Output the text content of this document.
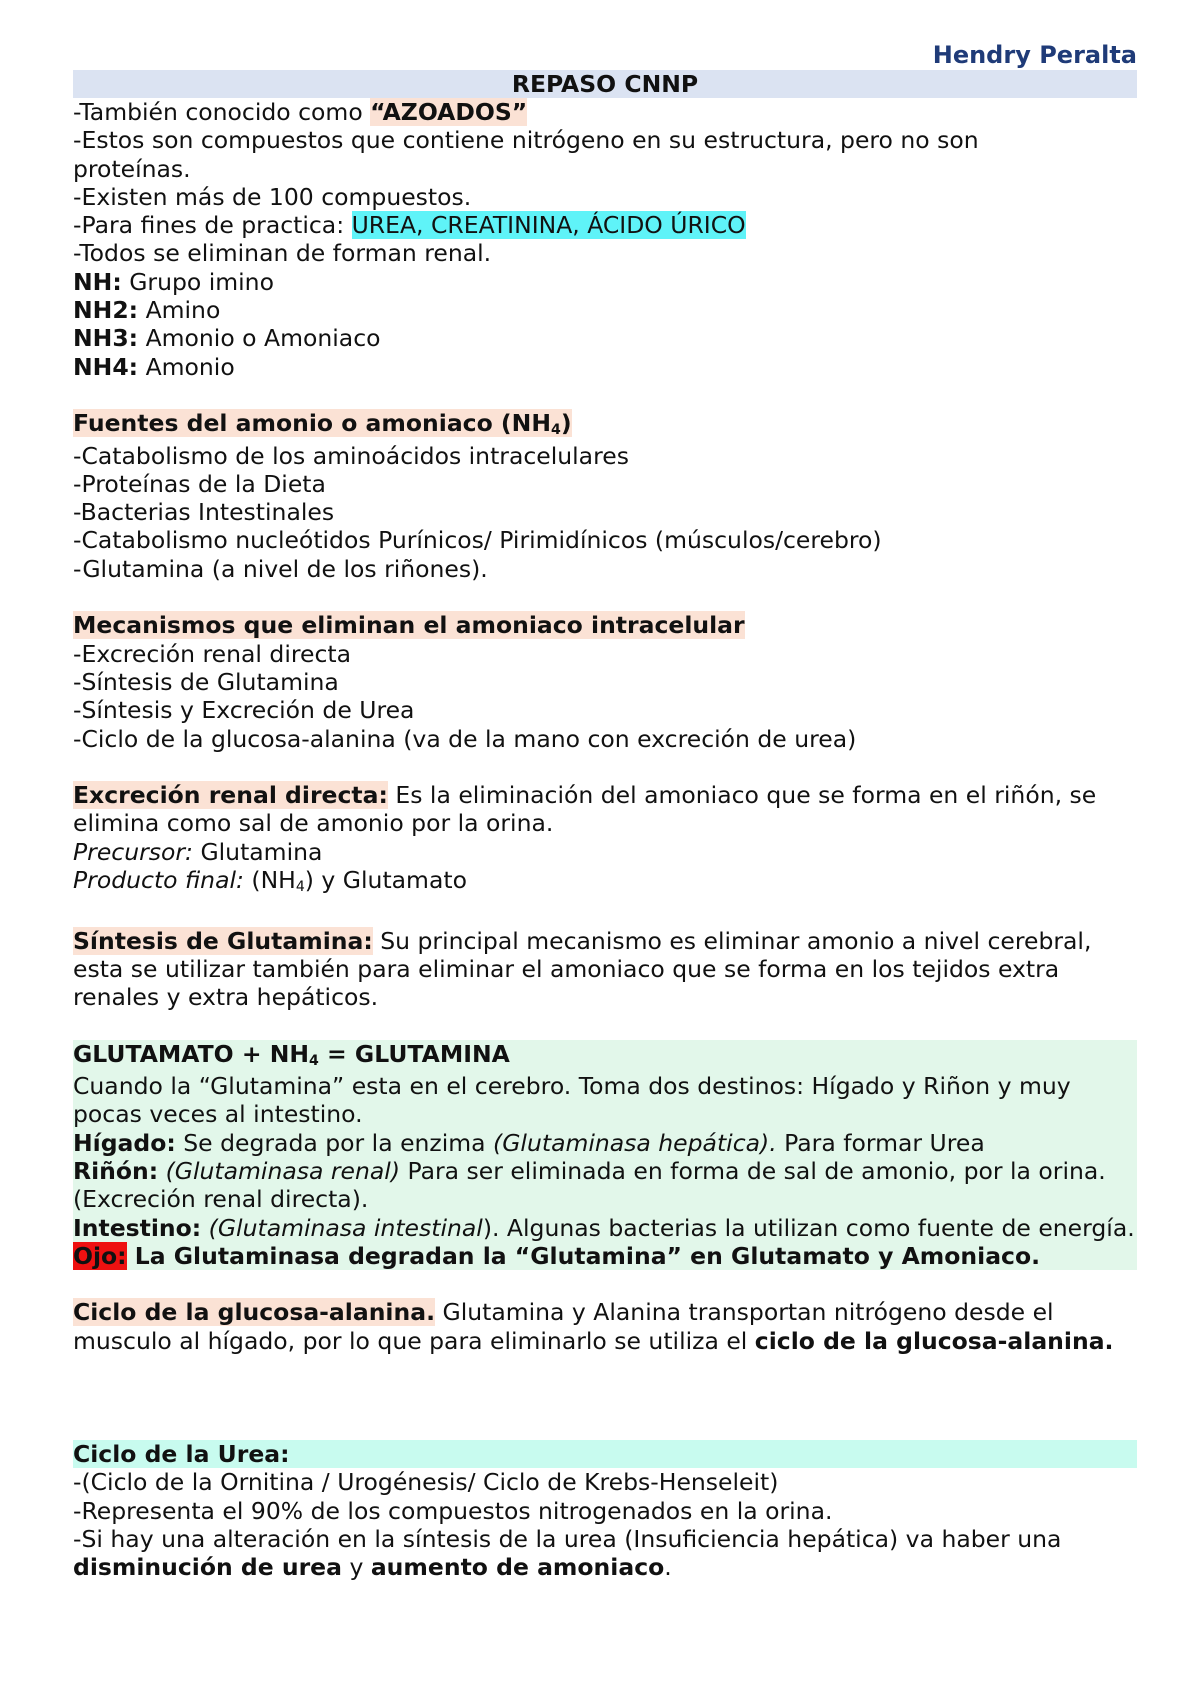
Hendry Peralta
REPASO CNNP
-También conocido como “AZOADOS”
-Estos son compuestos que contiene nitrógeno en su estructura, pero no son proteínas.
-Existen más de 100 compuestos.
-Para fines de practica: UREA, CREATININA, ÁCIDO ÚRICO
-Todos se eliminan de forman renal.
NH: Grupo imino
NH2: Amino
NH3: Amonio o Amoniaco
NH4: Amonio
Fuentes del amonio o amoniaco $(NH_4)$
-Catabolismo de los aminoácidos intracelulares
-Proteínas de la Dieta
-Bacterias Intestinales
-Catabolismo nucleótidos Purínicos/ Pirimidínicos (músculos/cerebro)
-Glutamina (a nivel de los riñones).
Mecanismos que eliminan el amoniaco intracelular
-Excreción renal directa
-Síntesis de Glutamina
-Síntesis y Excreción de Urea
-Ciclo de la glucosa-alanina (va de la mano con excreción de urea)
Excreción renal directa: Es la eliminación del amoniaco que se forma en el riñón, se elimina como sal de amonio por la orina.
Precursor: Glutamina
Producto final: $(NH_4)$ y Glutamato
Síntesis de Glutamina: Su principal mecanismo es eliminar amonio a nivel cerebral, esta se utilizar también para eliminar el amoniaco que se forma en los tejidos extra renales y extra hepáticos.
GLUTAMATO + $NH_4$ = GLUTAMINA
Cuando la “Glutamina” esta en el cerebro. Toma dos destinos: Hígado y Riñon y muy pocas veces al intestino.
Hígado: Se degrada por la enzima (Glutaminasa hepática). Para formar Urea
Riñón: (Glutaminasa renal) Para ser eliminada en forma de sal de amonio, por la orina. (Excreción renal directa).
Intestino: (Glutaminasa intestinal). Algunas bacterias la utilizan como fuente de energía.
Ojo: La Glutaminasa degradan la “Glutamina” en Glutamato y Amoniaco.
Ciclo de la glucosa-alanina. Glutamina y Alanina transportan nitrógeno desde el musculo al hígado, por lo que para eliminarlo se utiliza el ciclo de la glucosa-alanina.
Ciclo de la Urea:
-(Ciclo de la Ornitina / Urogénesis/ Ciclo de Krebs-Henseleit)
-Representa el 90% de los compuestos nitrogenados en la orina.
-Si hay una alteración en la síntesis de la urea (Insuficiencia hepática) va haber una disminución de urea y aumento de amoniaco.
